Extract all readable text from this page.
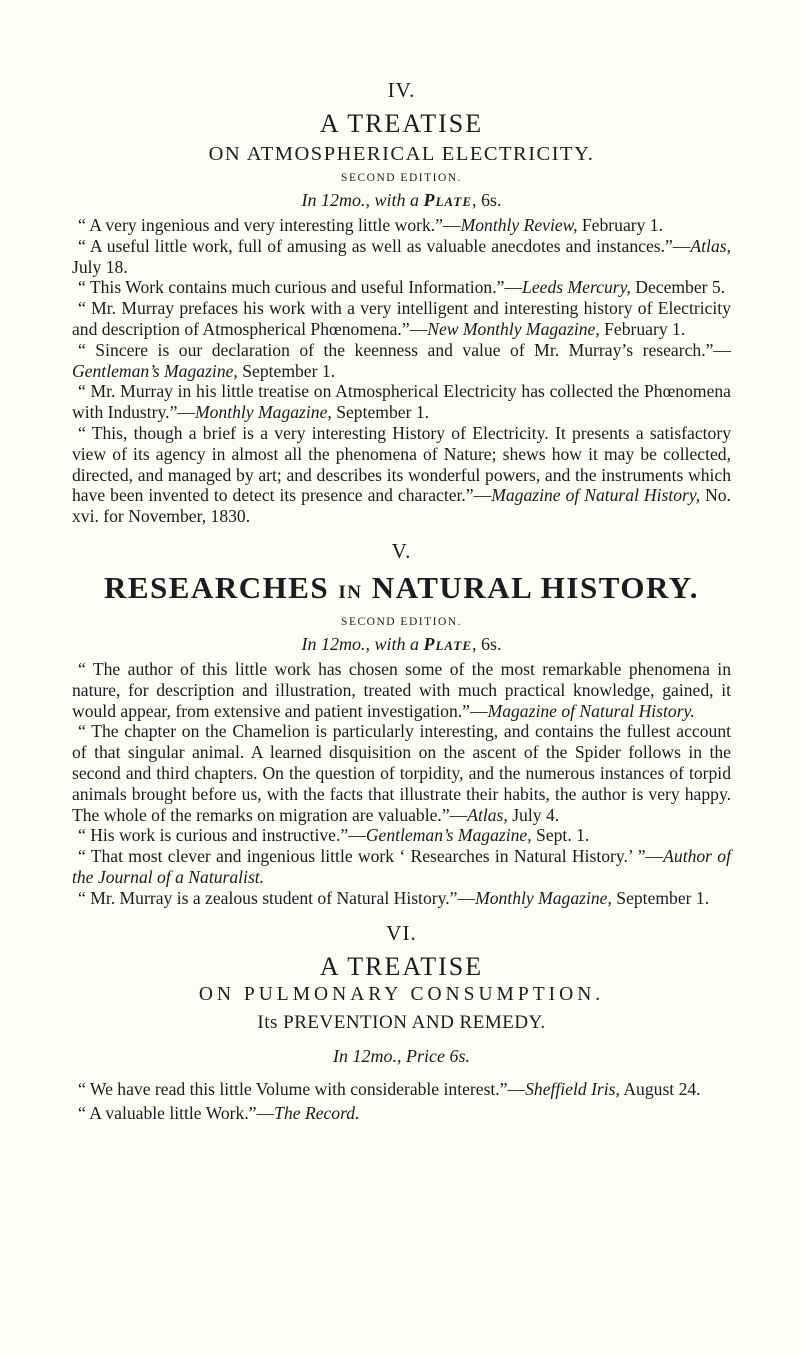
IV.
A TREATISE
ON ATMOSPHERICAL ELECTRICITY.
SECOND EDITION.
In 12mo., with a Plate, 6s.

“ A very ingenious and very interesting little work.”—Monthly Review, February 1.

“ A useful little work, full of amusing as well as valuable anecdotes and instances.”—Atlas, July 18.

“ This Work contains much curious and useful Information.”—Leeds Mercury, December 5.

“ Mr. Murray prefaces his work with a very intelligent and interesting history of Electricity and description of Atmospherical Phœnomena.”—New Monthly Magazine, February 1.

“ Sincere is our declaration of the keenness and value of Mr. Murray’s research.”—Gentleman’s Magazine, September 1.

“ Mr. Murray in his little treatise on Atmospherical Electricity has collected the Phœnomena with Industry.”—Monthly Magazine, September 1.

“ This, though a brief is a very interesting History of Electricity. It presents a satisfactory view of its agency in almost all the phenomena of Nature; shews how it may be collected, directed, and managed by art; and describes its wonderful powers, and the instruments which have been invented to detect its presence and character.”—Magazine of Natural History, No. xvi. for November, 1830.

V.
RESEARCHES IN NATURAL HISTORY.
SECOND EDITION.
In 12mo., with a Plate, 6s.

“ The author of this little work has chosen some of the most remarkable phenomena in nature, for description and illustration, treated with much practical knowledge, gained, it would appear, from extensive and patient investigation.”—Magazine of Natural History.

“ The chapter on the Chamelion is particularly interesting, and contains the fullest account of that singular animal. A learned disquisition on the ascent of the Spider follows in the second and third chapters. On the question of torpidity, and the numerous instances of torpid animals brought before us, with the facts that illustrate their habits, the author is very happy. The whole of the remarks on migration are valuable.”—Atlas, July 4.

“ His work is curious and instructive.”—Gentleman’s Magazine, Sept. 1.

“ That most clever and ingenious little work ‘ Researches in Natural History.’ ”—Author of the Journal of a Naturalist.

“ Mr. Murray is a zealous student of Natural History.”—Monthly Magazine, September 1.

VI.
A TREATISE
ON PULMONARY CONSUMPTION.
Its PREVENTION AND REMEDY.
In 12mo., Price 6s.

“ We have read this little Volume with considerable interest.”—Sheffield Iris, August 24.

“ A valuable little Work.”—The Record.
